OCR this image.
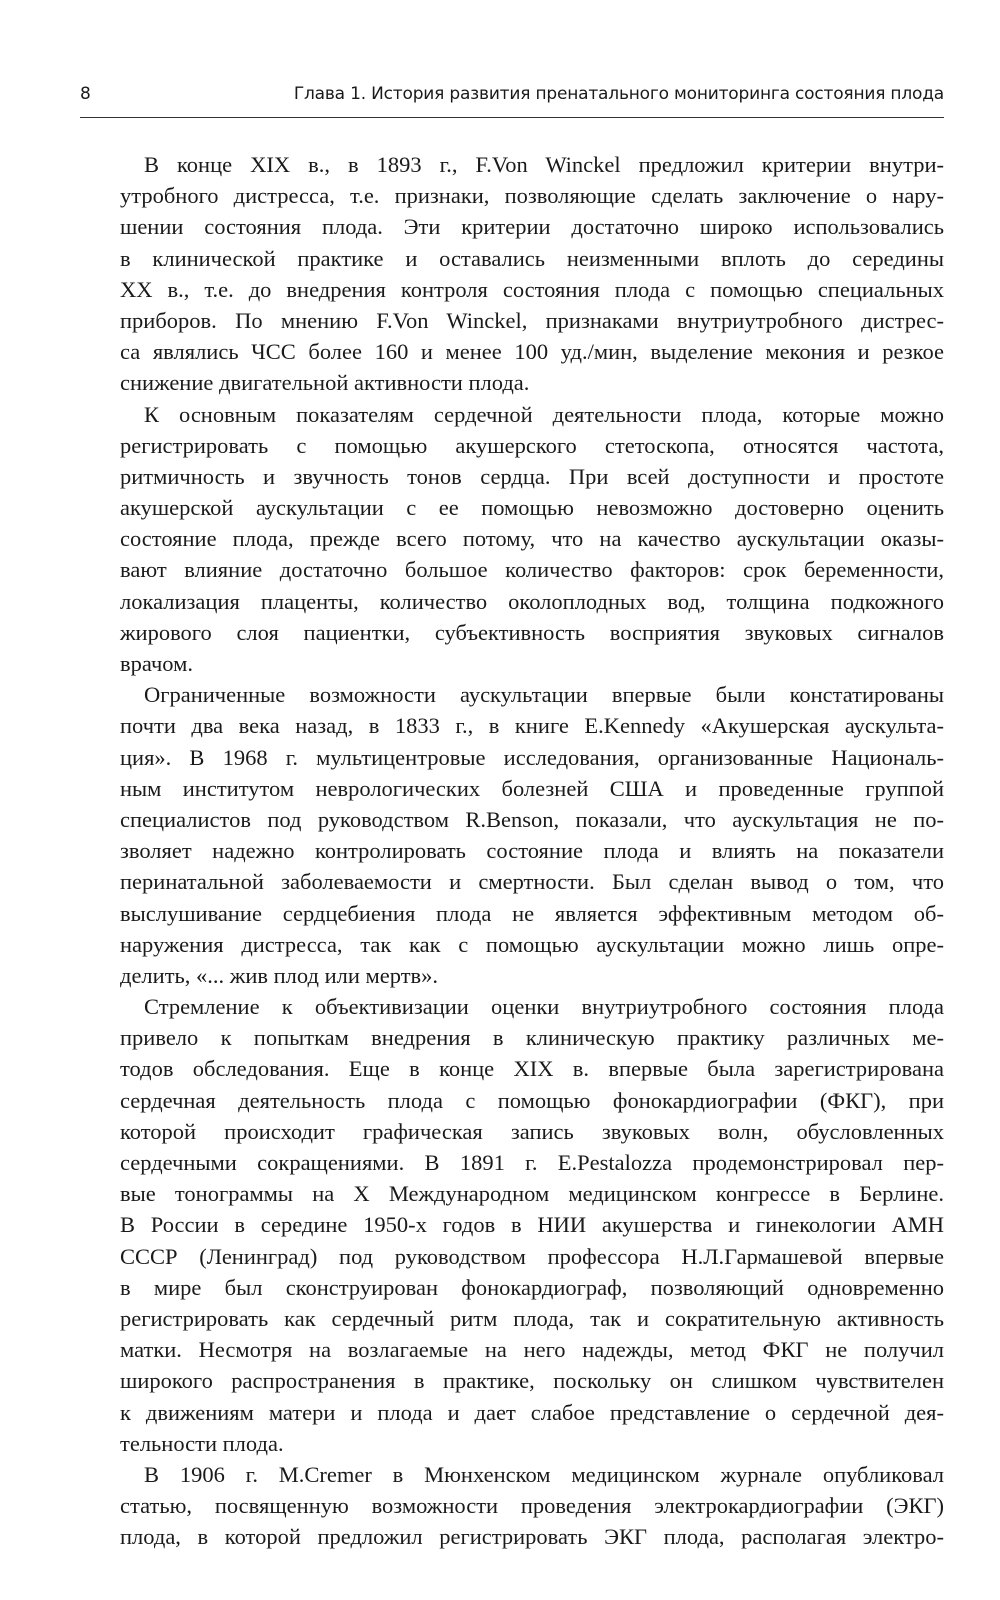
8	Глава 1. История развития пренатального мониторинга состояния плода
В конце XIX в., в 1893 г., F.Von Winckel предложил критерии внутри-
утробного дистресса, т.е. признаки, позволяющие сделать заключение о нару-
шении состояния плода. Эти критерии достаточно широко использовались
в клинической практике и оставались неизменными вплоть до середины
XX в., т.е. до внедрения контроля состояния плода с помощью специальных
приборов. По мнению F.Von Winckel, признаками внутриутробного дистрес-
са являлись ЧСС более 160 и менее 100 уд./мин, выделение мекония и резкое
снижение двигательной активности плода.
К основным показателям сердечной деятельности плода, которые можно
регистрировать с помощью акушерского стетоскопа, относятся частота,
ритмичность и звучность тонов сердца. При всей доступности и простоте
акушерской аускультации с ее помощью невозможно достоверно оценить
состояние плода, прежде всего потому, что на качество аускультации оказы-
вают влияние достаточно большое количество факторов: срок беременности,
локализация плаценты, количество околоплодных вод, толщина подкожного
жирового слоя пациентки, субъективность восприятия звуковых сигналов
врачом.
Ограниченные возможности аускультации впервые были констатированы
почти два века назад, в 1833 г., в книге E.Kennedy «Акушерская аускульта-
ция». В 1968 г. мультицентровые исследования, организованные Националь-
ным институтом неврологических болезней США и проведенные группой
специалистов под руководством R.Benson, показали, что аускультация не по-
зволяет надежно контролировать состояние плода и влиять на показатели
перинатальной заболеваемости и смертности. Был сделан вывод о том, что
выслушивание сердцебиения плода не является эффективным методом об-
наружения дистресса, так как с помощью аускультации можно лишь опре-
делить, «... жив плод или мертв».
Стремление к объективизации оценки внутриутробного состояния плода
привело к попыткам внедрения в клиническую практику различных ме-
тодов обследования. Еще в конце XIX в. впервые была зарегистрирована
сердечная деятельность плода с помощью фонокардиографии (ФКГ), при
которой происходит графическая запись звуковых волн, обусловленных
сердечными сокращениями. В 1891 г. E.Pestalozza продемонстрировал пер-
вые тонограммы на X Международном медицинском конгрессе в Берлине.
В России в середине 1950-х годов в НИИ акушерства и гинекологии АМН
СССР (Ленинград) под руководством профессора Н.Л.Гармашевой впервые
в мире был сконструирован фонокардиограф, позволяющий одновременно
регистрировать как сердечный ритм плода, так и сократительную активность
матки. Несмотря на возлагаемые на него надежды, метод ФКГ не получил
широкого распространения в практике, поскольку он слишком чувствителен
к движениям матери и плода и дает слабое представление о сердечной дея-
тельности плода.
В 1906 г. M.Cremer в Мюнхенском медицинском журнале опубликовал
статью, посвященную возможности проведения электрокардиографии (ЭКГ)
плода, в которой предложил регистрировать ЭКГ плода, располагая электро-
